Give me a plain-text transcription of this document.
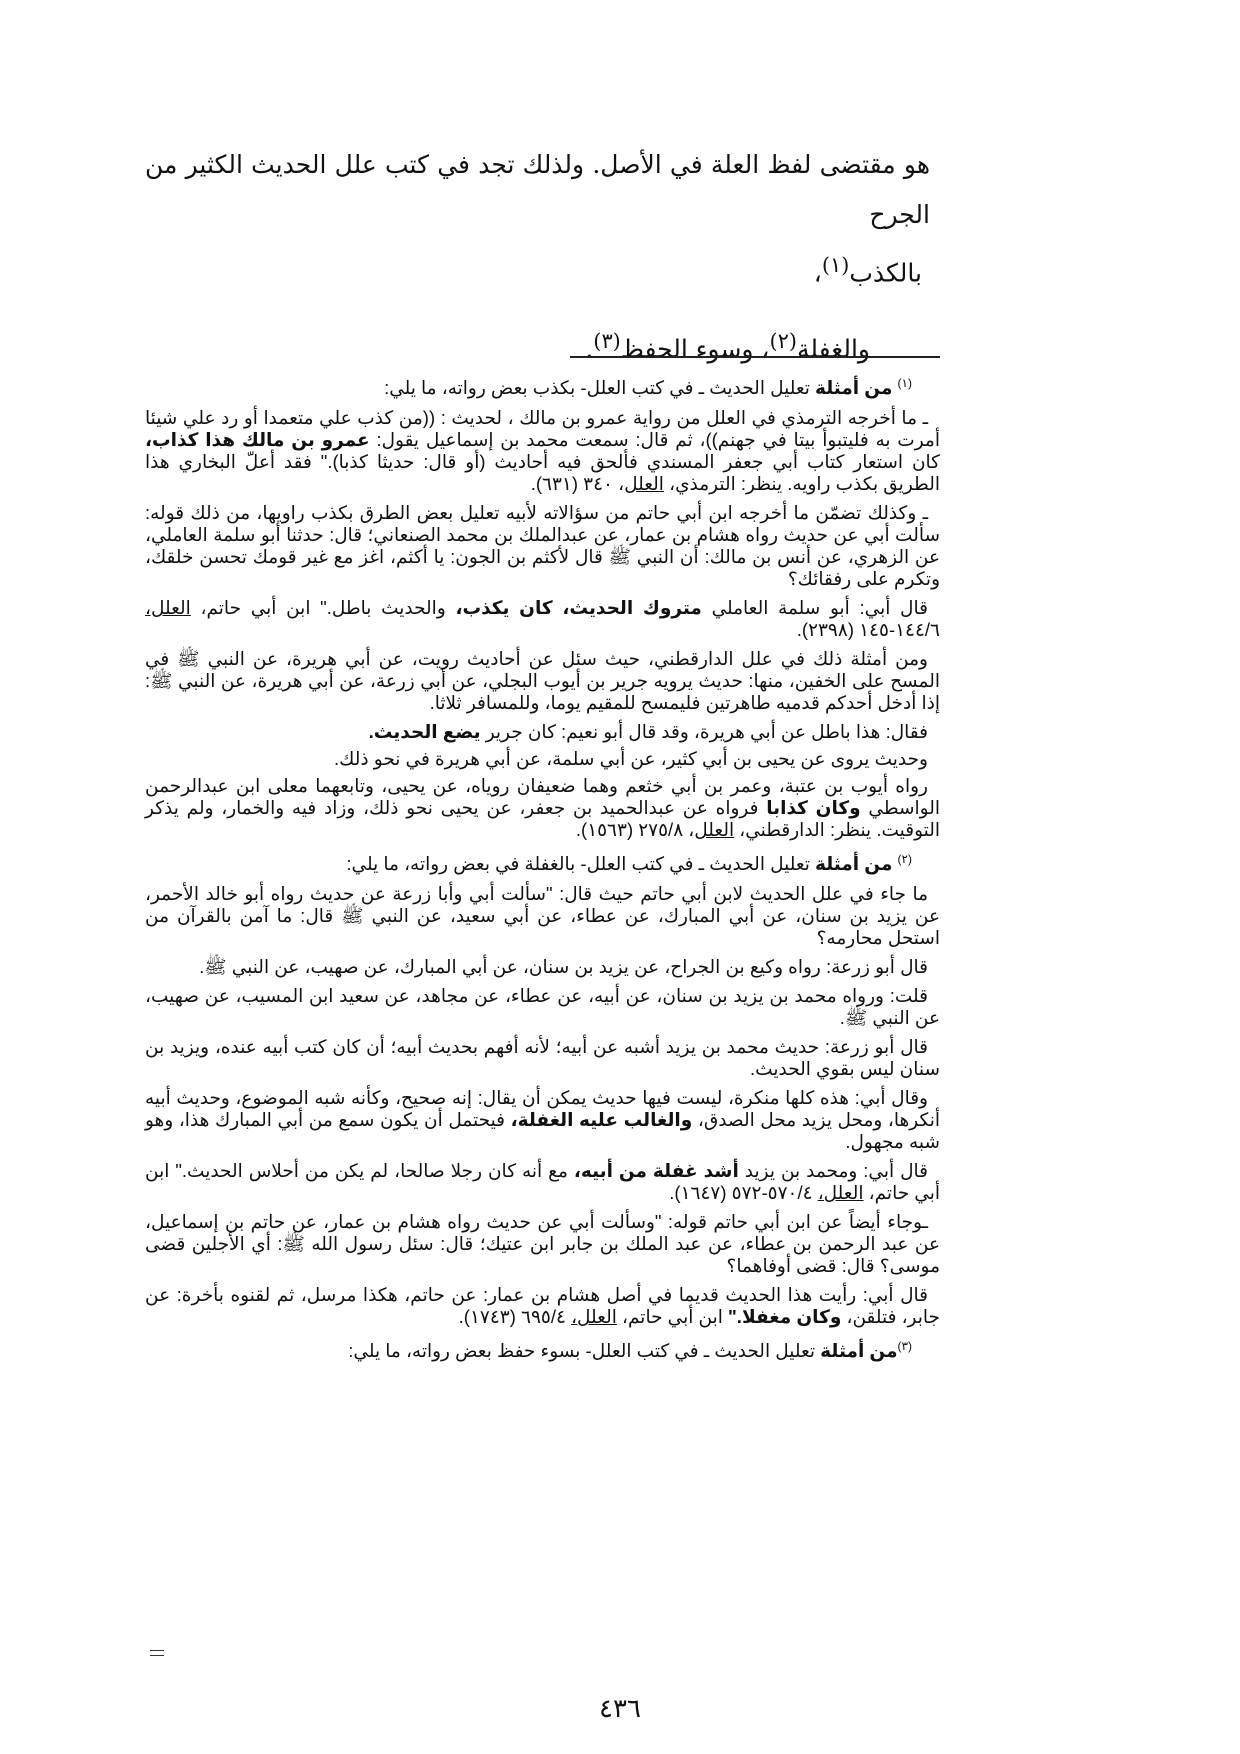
هو مقتضى لفظ العلة في الأصل. ولذلك تجد في كتب علل الحديث الكثير من الجرح

بالكذب$^{(١)}$،

والغفلة$^{(٢)}$، وسوء الحفظ$^{(٣)}$.

$^{(١)}$ من أمثلة تعليل الحديث ـ في كتب العلل- بكذب بعض رواته، ما يلي:

ـ ما أخرجه الترمذي في العلل من رواية عمرو بن مالك ، لحديث : ((من كذب علي متعمدا أو رد علي شيئا أمرت به فليتبوأ بيتا في جهنم))، ثم قال: سمعت محمد بن إسماعيل يقول: عمرو بن مالك هذا كذاب، كان استعار كتاب أبي جعفر المسندي فألحق فيه أحاديث (أو قال: حديثا كذبا)." فقد أعلّ البخاري هذا الطريق بكذب راويه. ينظر: الترمذي، العلل، ٣٤٠ (٦٣١).

ـ وكذلك تضمّن ما أخرجه ابن أبي حاتم من سؤالاته لأبيه تعليل بعض الطرق بكذب راويها، من ذلك قوله: سألت أبي عن حديث رواه هشام بن عمار، عن عبدالملك بن محمد الصنعاني؛ قال: حدثنا أبو سلمة العاملي، عن الزهري، عن أنس بن مالك: أن النبي ﷺ قال لأكثم بن الجون: يا أكثم، اغز مع غير قومك تحسن خلقك، وتكرم على رفقائك؟

قال أبي: أبو سلمة العاملي متروك الحديث، كان يكذب، والحديث باطل." ابن أبي حاتم، العلل، ١٤٤/٦-١٤٥ (٢٣٩٨).

ومن أمثلة ذلك في علل الدارقطني، حيث سئل عن أحاديث رويت، عن أبي هريرة، عن النبي ﷺ في المسح على الخفين، منها: حديث يرويه جرير بن أيوب البجلي، عن أبي زرعة، عن أبي هريرة، عن النبي ﷺ: إذا أدخل أحدكم قدميه طاهرتين فليمسح للمقيم يوما، وللمسافر ثلاثا.

فقال: هذا باطل عن أبي هريرة، وقد قال أبو نعيم: كان جرير يضع الحديث.

وحديث يروى عن يحيى بن أبي كثير، عن أبي سلمة، عن أبي هريرة في نحو ذلك.

رواه أيوب بن عتبة، وعمر بن أبي خثعم وهما ضعيفان روياه، عن يحيى، وتابعهما معلى ابن عبدالرحمن الواسطي وكان كذابا فرواه عن عبدالحميد بن جعفر، عن يحيى نحو ذلك، وزاد فيه والخمار، ولم يذكر التوقيت. ينظر: الدارقطني، العلل، ٢٧٥/٨ (١٥٦٣).

$^{(٢)}$ من أمثلة تعليل الحديث ـ في كتب العلل- بالغفلة في بعض رواته، ما يلي:

ما جاء في علل الحديث لابن أبي حاتم حيث قال: "سألت أبي وأبا زرعة عن حديث رواه أبو خالد الأحمر، عن يزيد بن سنان، عن أبي المبارك، عن عطاء، عن أبي سعيد، عن النبي ﷺ قال: ما آمن بالقرآن من استحل محارمه؟

قال أبو زرعة: رواه وكيع بن الجراح، عن يزيد بن سنان، عن أبي المبارك، عن صهيب، عن النبي ﷺ.

قلت: ورواه محمد بن يزيد بن سنان، عن أبيه، عن عطاء، عن مجاهد، عن سعيد ابن المسيب، عن صهيب، عن النبي ﷺ.

قال أبو زرعة: حديث محمد بن يزيد أشبه عن أبيه؛ لأنه أفهم بحديث أبيه؛ أن كان كتب أبيه عنده، ويزيد بن سنان ليس بقوي الحديث.

وقال أبي: هذه كلها منكرة، ليست فيها حديث يمكن أن يقال: إنه صحيح، وكأنه شبه الموضوع، وحديث أبيه أنكرها، ومحل يزيد محل الصدق، والغالب عليه الغفلة، فيحتمل أن يكون سمع من أبي المبارك هذا، وهو شبه مجهول.

قال أبي: ومحمد بن يزيد أشد غفلة من أبيه، مع أنه كان رجلا صالحا، لم يكن من أحلاس الحديث." ابن أبي حاتم، العلل، ٥٧٠/٤-٥٧٢ (١٦٤٧).

ـوجاء أيضاً عن ابن أبي حاتم قوله: "وسألت أبي عن حديث رواه هشام بن عمار، عن حاتم بن إسماعيل، عن عبد الرحمن بن عطاء، عن عبد الملك بن جابر ابن عتيك؛ قال: سئل رسول الله ﷺ: أي الأجلين قضى موسى؟ قال: قضى أوفاهما؟

قال أبي: رأيت هذا الحديث قديما في أصل هشام بن عمار: عن حاتم، هكذا مرسل، ثم لقنوه بأخرة: عن جابر، فتلقن، وكان مغفلا." ابن أبي حاتم، العلل، ٦٩٥/٤ (١٧٤٣).

$^{(٣)}$من أمثلة تعليل الحديث ـ في كتب العلل- بسوء حفظ بعض رواته، ما يلي:

٤٣٦
